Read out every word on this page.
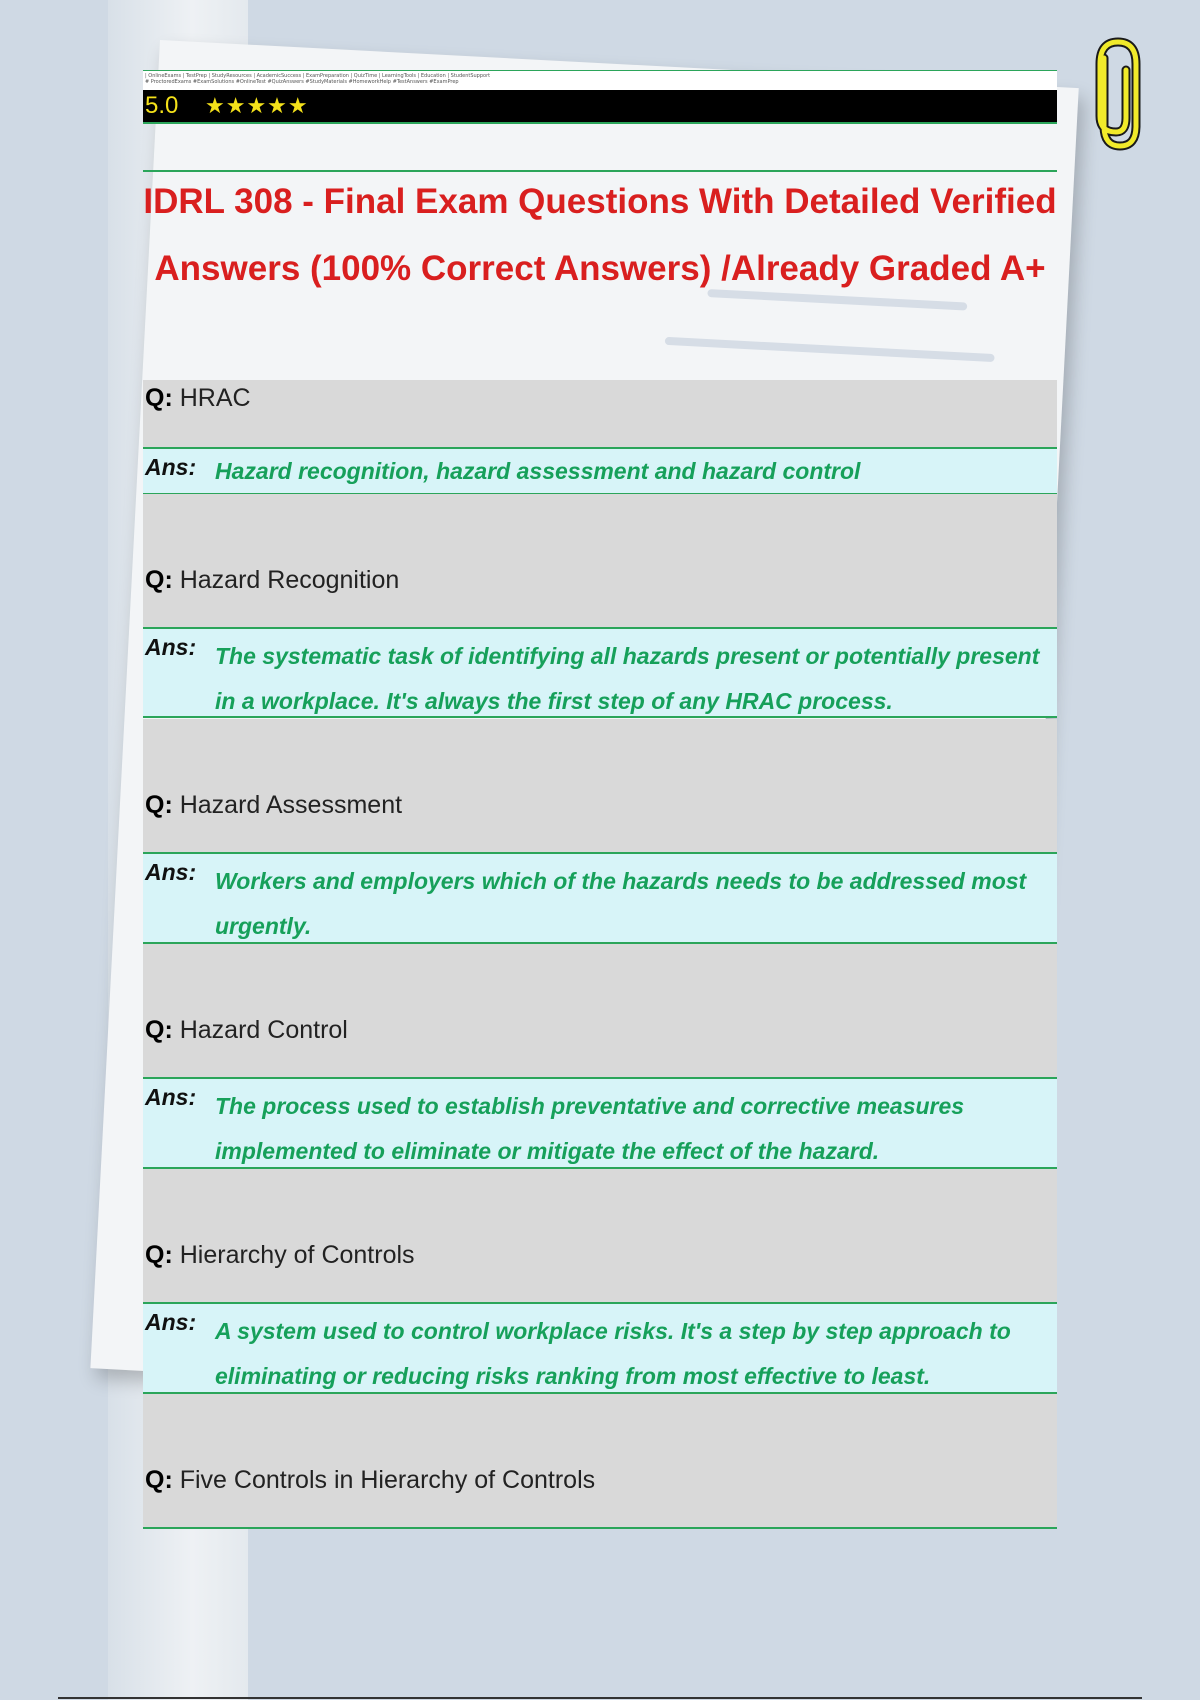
| OnlineExams | TestPrep | StudyResources | AcademicSuccess | ExamPreparation | QuizTime | LearningTools | Education | StudentSupport
# ProctoredExams #ExamSolutions #OnlineTest #QuizAnswers #StudyMaterials #HomeworkHelp #TestAnswers #ExamPrep
5.0	★★★★★
IDRL 308 - Final Exam Questions With Detailed Verified Answers (100% Correct Answers) /Already Graded A+
Q: HRAC
Ans: Hazard recognition, hazard assessment and hazard control
Q: Hazard Recognition
Ans: The systematic task of identifying all hazards present or potentially present in a workplace. It's always the first step of any HRAC process.
Q: Hazard Assessment
Ans: Workers and employers which of the hazards needs to be addressed most urgently.
Q: Hazard Control
Ans: The process used to establish preventative and corrective measures implemented to eliminate or mitigate the effect of the hazard.
Q: Hierarchy of Controls
Ans: A system used to control workplace risks. It's a step by step approach to eliminating or reducing risks ranking from most effective to least.
Q: Five Controls in Hierarchy of Controls
